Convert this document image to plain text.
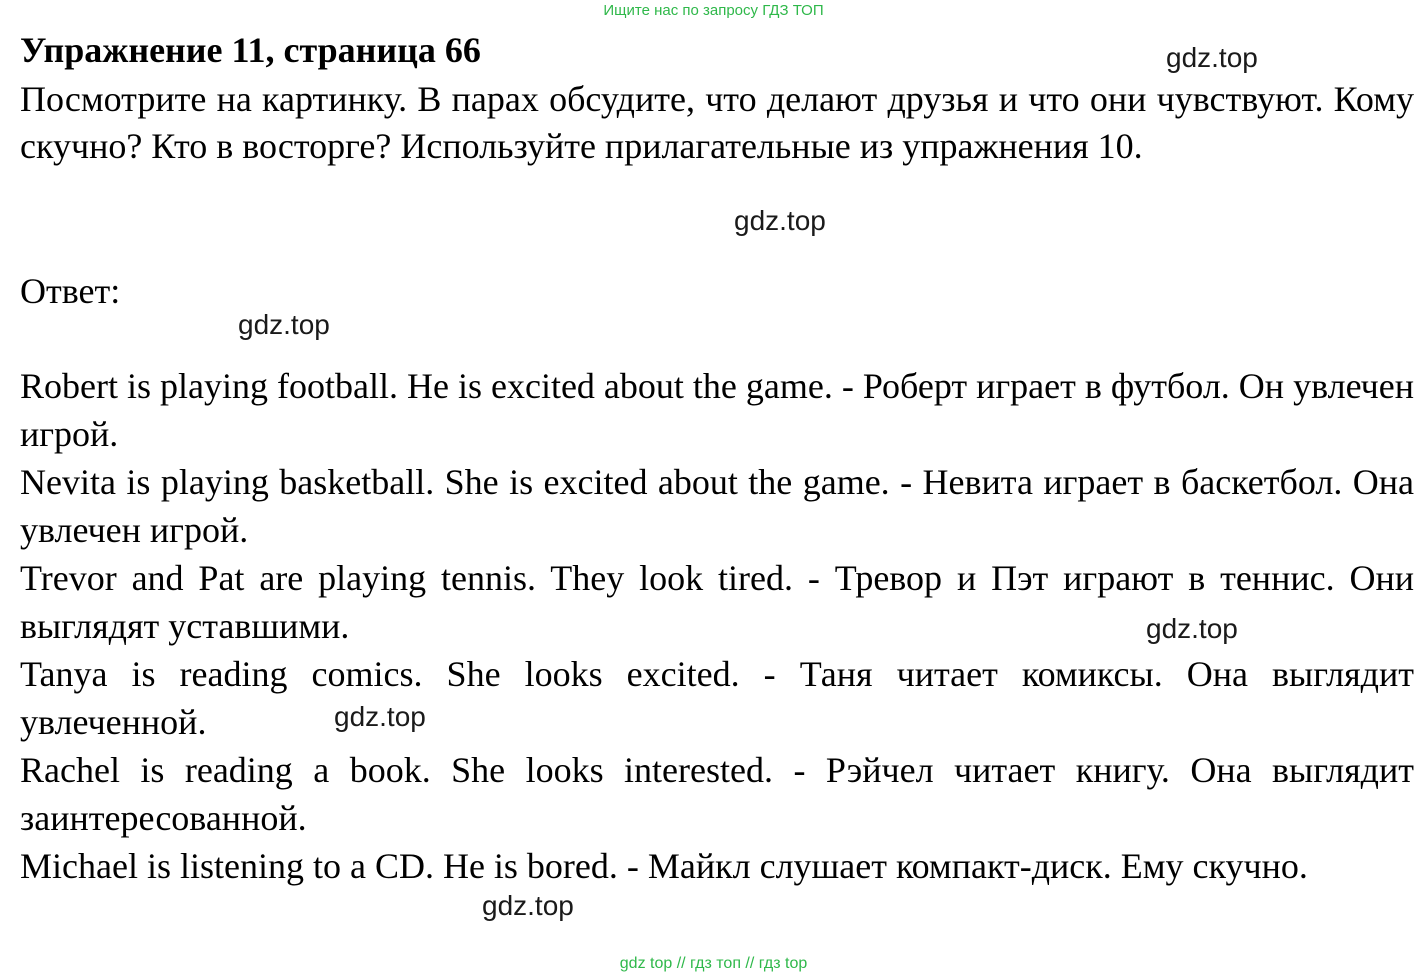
Ищите нас по запросу ГДЗ ТОП
Упражнение 11, страница 66

Посмотрите на картинку. В парах обсудите, что делают друзья и что они чувствуют. Кому скучно? Кто в восторге? Используйте прилагательные из упражнения 10.

Ответ:

Robert is playing football. He is excited about the game. - Роберт играет в футбол. Он увлечен игрой.
Nevita is playing basketball. She is excited about the game. - Невита играет в баскетбол. Она увлечен игрой.
Trevor and Pat are playing tennis. They look tired. - Тревор и Пэт играют в теннис. Они выглядят уставшими.
Tanya is reading comics. She looks excited. - Таня читает комиксы. Она выглядит увлеченной.
Rachel is reading a book. She looks interested. - Рэйчел читает книгу. Она выглядит заинтересованной.
Michael is listening to a CD. He is bored. - Майкл слушает компакт-диск. Ему скучно.
gdz.top
gdz.top
gdz.top
gdz.top
gdz.top
gdz.top
gdz top // гдз топ // гдз top
